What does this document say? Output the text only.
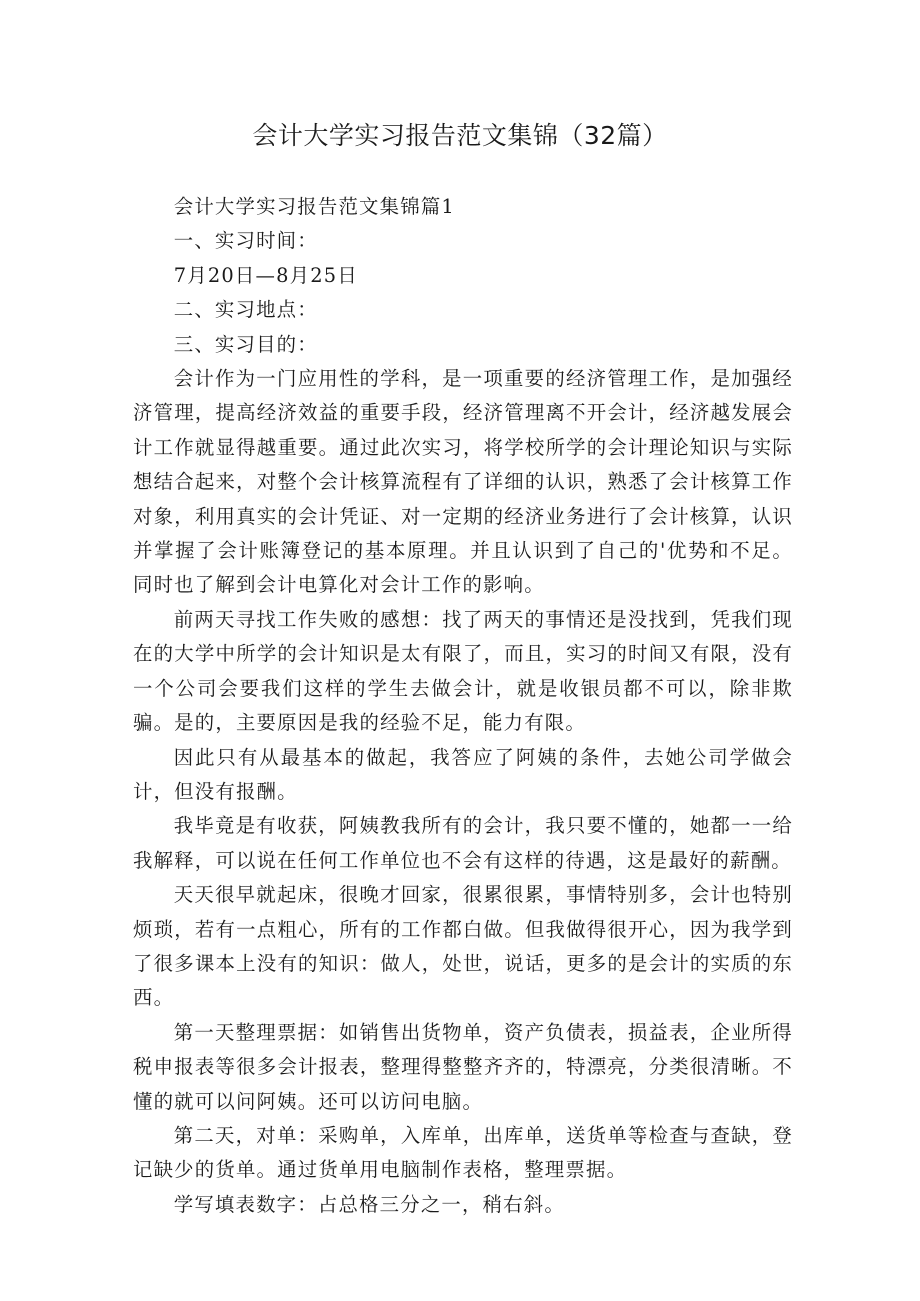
会计大学实习报告范文集锦（32篇）

会计大学实习报告范文集锦篇1

一、实习时间：

7月20日—8月25日

二、实习地点：

三、实习目的：

会计作为一门应用性的学科，是一项重要的经济管理工作，是加强经济管理，提高经济效益的重要手段，经济管理离不开会计，经济越发展会计工作就显得越重要。通过此次实习，将学校所学的会计理论知识与实际想结合起来，对整个会计核算流程有了详细的认识，熟悉了会计核算工作对象，利用真实的会计凭证、对一定期的经济业务进行了会计核算，认识并掌握了会计账簿登记的基本原理。并且认识到了自己的'优势和不足。同时也了解到会计电算化对会计工作的影响。

前两天寻找工作失败的感想：找了两天的事情还是没找到，凭我们现在的大学中所学的会计知识是太有限了，而且，实习的时间又有限，没有一个公司会要我们这样的学生去做会计，就是收银员都不可以，除非欺骗。是的，主要原因是我的经验不足，能力有限。

因此只有从最基本的做起，我答应了阿姨的条件，去她公司学做会计，但没有报酬。

我毕竟是有收获，阿姨教我所有的会计，我只要不懂的，她都一一给我解释，可以说在任何工作单位也不会有这样的待遇，这是最好的薪酬。

天天很早就起床，很晚才回家，很累很累，事情特别多，会计也特别烦琐，若有一点粗心，所有的工作都白做。但我做得很开心，因为我学到了很多课本上没有的知识：做人，处世，说话，更多的是会计的实质的东西。

第一天整理票据：如销售出货物单，资产负债表，损益表，企业所得税申报表等很多会计报表，整理得整整齐齐的，特漂亮，分类很清晰。不懂的就可以问阿姨。还可以访问电脑。

第二天，对单：采购单，入库单，出库单，送货单等检查与查缺，登记缺少的货单。通过货单用电脑制作表格，整理票据。

学写填表数字：占总格三分之一，稍右斜。
